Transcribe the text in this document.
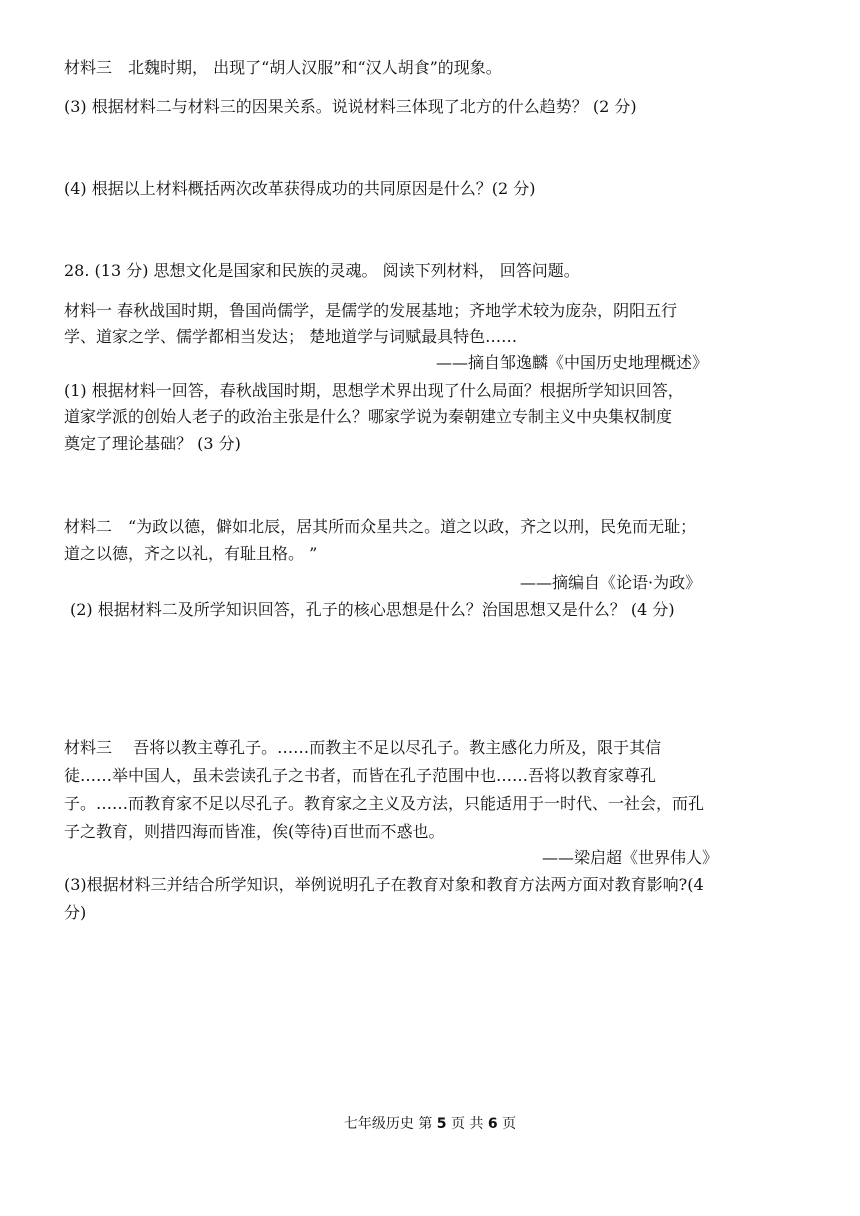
材料三　北魏时期， 出现了“胡人汉服”和“汉人胡食”的现象。
(3) 根据材料二与材料三的因果关系。说说材料三体现了北方的什么趋势？ (2 分)
(4) 根据以上材料概括两次改革获得成功的共同原因是什么？(2 分)
28. (13 分) 思想文化是国家和民族的灵魂。 阅读下列材料， 回答问题。
材料一 春秋战国时期，鲁国尚儒学，是儒学的发展基地；齐地学术较为庞杂，阴阳五行
学、道家之学、儒学都相当发达； 楚地道学与词赋最具特色……
——摘自邹逸麟《中国历史地理概述》
(1) 根据材料一回答，春秋战国时期，思想学术界出现了什么局面？根据所学知识回答，
道家学派的创始人老子的政治主张是什么？哪家学说为秦朝建立专制主义中央集权制度
奠定了理论基础？ (3 分)
材料二　“为政以德，僻如北辰，居其所而众星共之。道之以政，齐之以刑，民免而无耻；
道之以德，齐之以礼，有耻且格。 ”
——摘编自《论语·为政》
(2) 根据材料二及所学知识回答，孔子的核心思想是什么？治国思想又是什么？ (4 分)
材料三　 吾将以教主尊孔子。……而教主不足以尽孔子。教主感化力所及，限于其信
徒……举中国人，虽未尝读孔子之书者，而皆在孔子范围中也……吾将以教育家尊孔
子。……而教育家不足以尽孔子。教育家之主义及方法，只能适用于一时代、一社会，而孔
子之教育，则措四海而皆准，俟(等待)百世而不惑也。
——梁启超《世界伟人》
(3)根据材料三并结合所学知识，举例说明孔子在教育对象和教育方法两方面对教育影响?(4
分)
七年级历史 第 5 页 共 6 页
